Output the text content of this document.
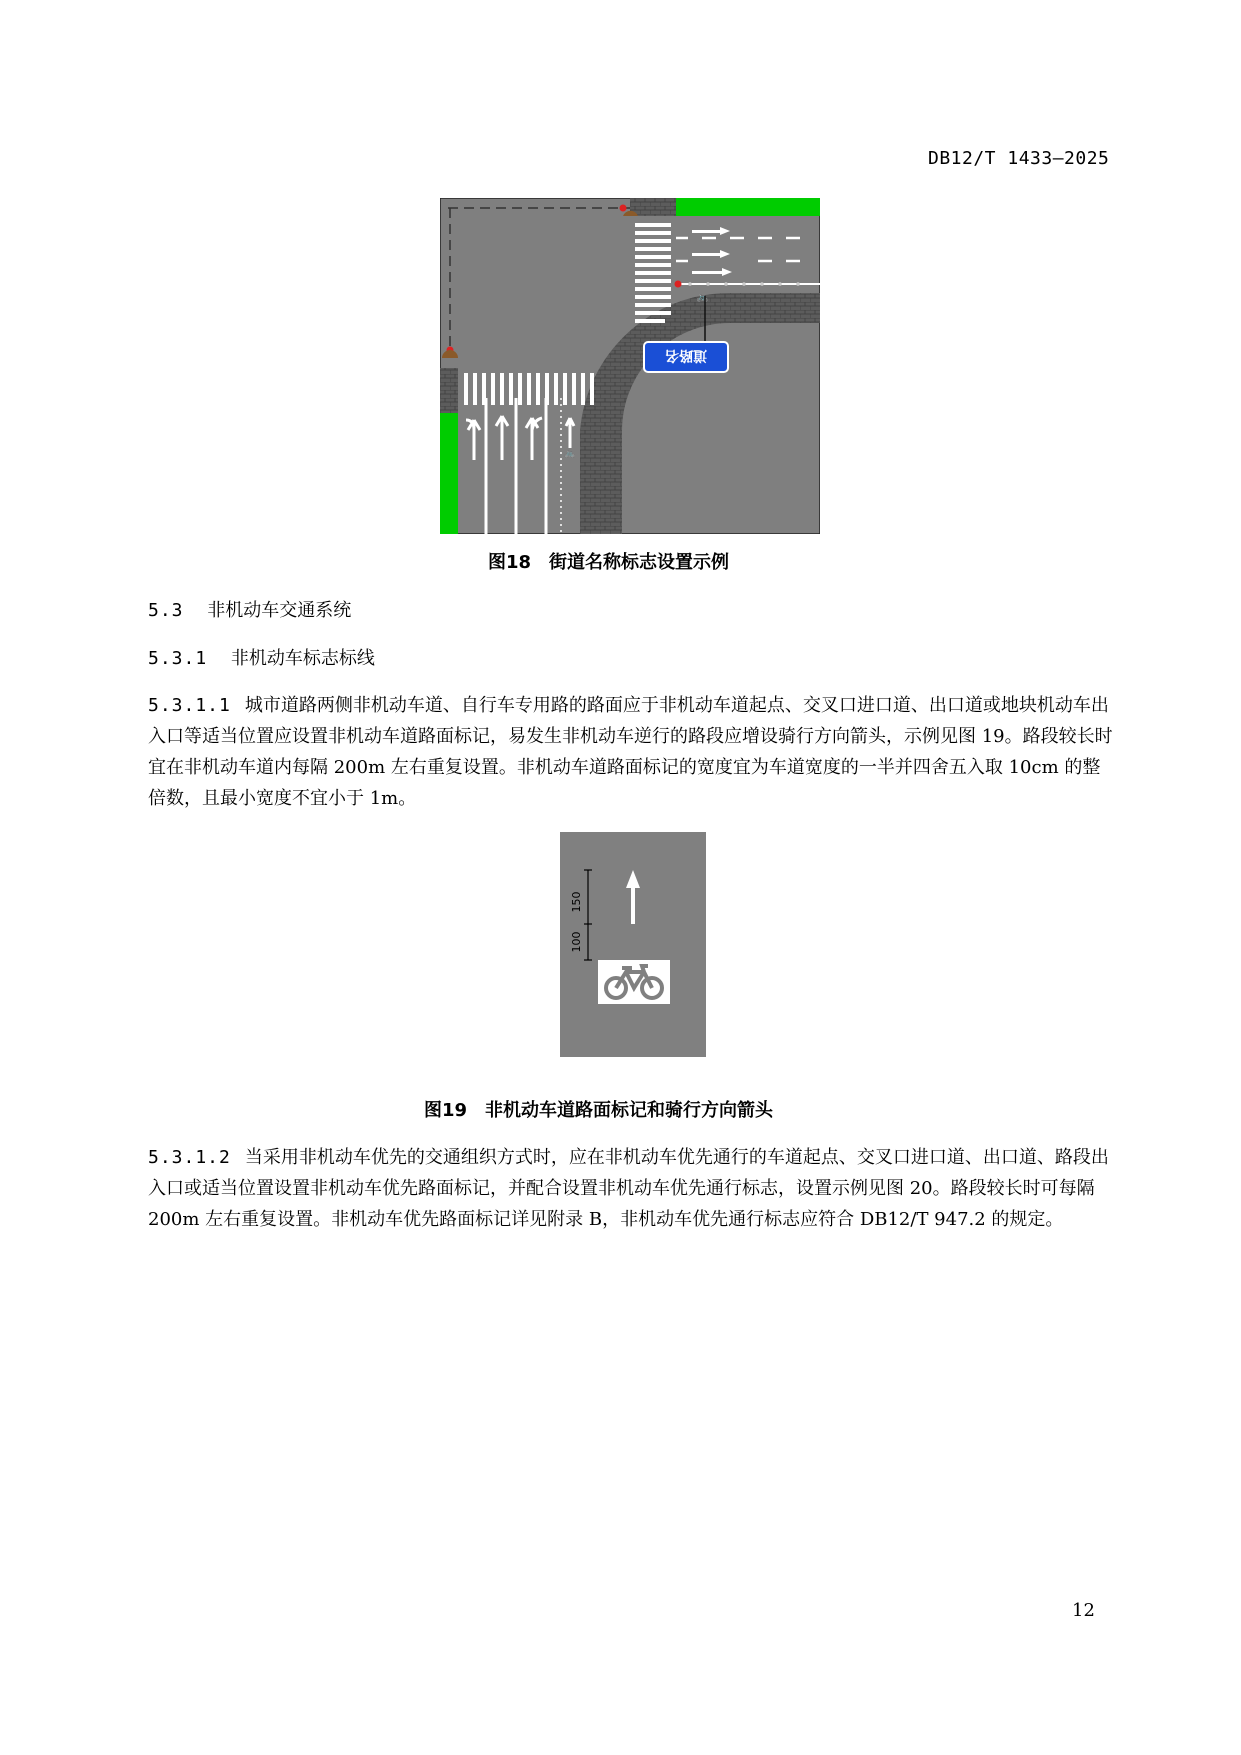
DB12/T 1433—2025
🚲
🚲
道路名
图18　街道名称标志设置示例
5.3 非机动车交通系统
5.3.1 非机动车标志标线
5.3.1.1 城市道路两侧非机动车道、自行车专用路的路面应于非机动车道起点、交叉口进口道、出口道或地块机动车出入口等适当位置应设置非机动车道路面标记，易发生非机动车逆行的路段应增设骑行方向箭头，示例见图 19。路段较长时宜在非机动车道内每隔 200m 左右重复设置。非机动车道路面标记的宽度宜为车道宽度的一半并四舍五入取 10cm 的整倍数，且最小宽度不宜小于 1m。
150
100
图19　非机动车道路面标记和骑行方向箭头
5.3.1.2 当采用非机动车优先的交通组织方式时，应在非机动车优先通行的车道起点、交叉口进口道、出口道、路段出入口或适当位置设置非机动车优先路面标记，并配合设置非机动车优先通行标志，设置示例见图 20。路段较长时可每隔 200m 左右重复设置。非机动车优先路面标记详见附录 B，非机动车优先通行标志应符合 DB12/T 947.2 的规定。
12
